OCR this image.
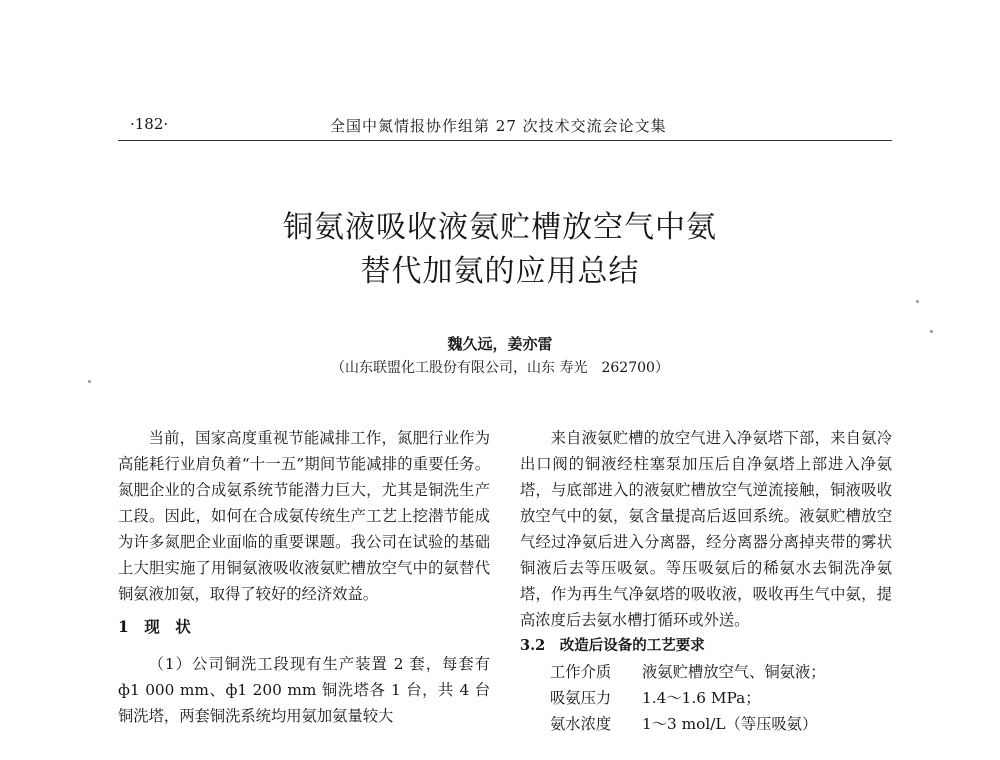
·182·	全国中氮情报协作组第 27 次技术交流会论文集
铜氨液吸收液氨贮槽放空气中氨
替代加氨的应用总结
魏久远，姜亦雷
（山东联盟化工股份有限公司，山东 寿光　262700）

当前，国家高度重视节能减排工作，氮肥行业作为高能耗行业肩负着“十一五”期间节能减排的重要任务。氮肥企业的合成氨系统节能潜力巨大，尤其是铜洗生产工段。因此，如何在合成氨传统生产工艺上挖潜节能成为许多氮肥企业面临的重要课题。我公司在试验的基础上大胆实施了用铜氨液吸收液氨贮槽放空气中的氨替代铜氨液加氨，取得了较好的经济效益。

1　现　状

（1）公司铜洗工段现有生产装置 2 套，每套有 ф1 000 mm、ф1 200 mm 铜洗塔各 1 台，共 4 台铜洗塔，两套铜洗系统均用氨加氨量较大

来自液氨贮槽的放空气进入净氨塔下部，来自氨冷出口阀的铜液经柱塞泵加压后自净氨塔上部进入净氨塔，与底部进入的液氨贮槽放空气逆流接触，铜液吸收放空气中的氨，氨含量提高后返回系统。液氨贮槽放空气经过净氨后进入分离器，经分离器分离掉夹带的雾状铜液后去等压吸氨。等压吸氨后的稀氨水去铜洗净氨塔，作为再生气净氨塔的吸收液，吸收再生气中氨，提高浓度后去氨水槽打循环或外送。

3.2　改造后设备的工艺要求
工作介质 液氨贮槽放空气、铜氨液；
吸氨压力 1.4～1.6 MPa；
氨水浓度 1～3 mol/L（等压吸氨）
